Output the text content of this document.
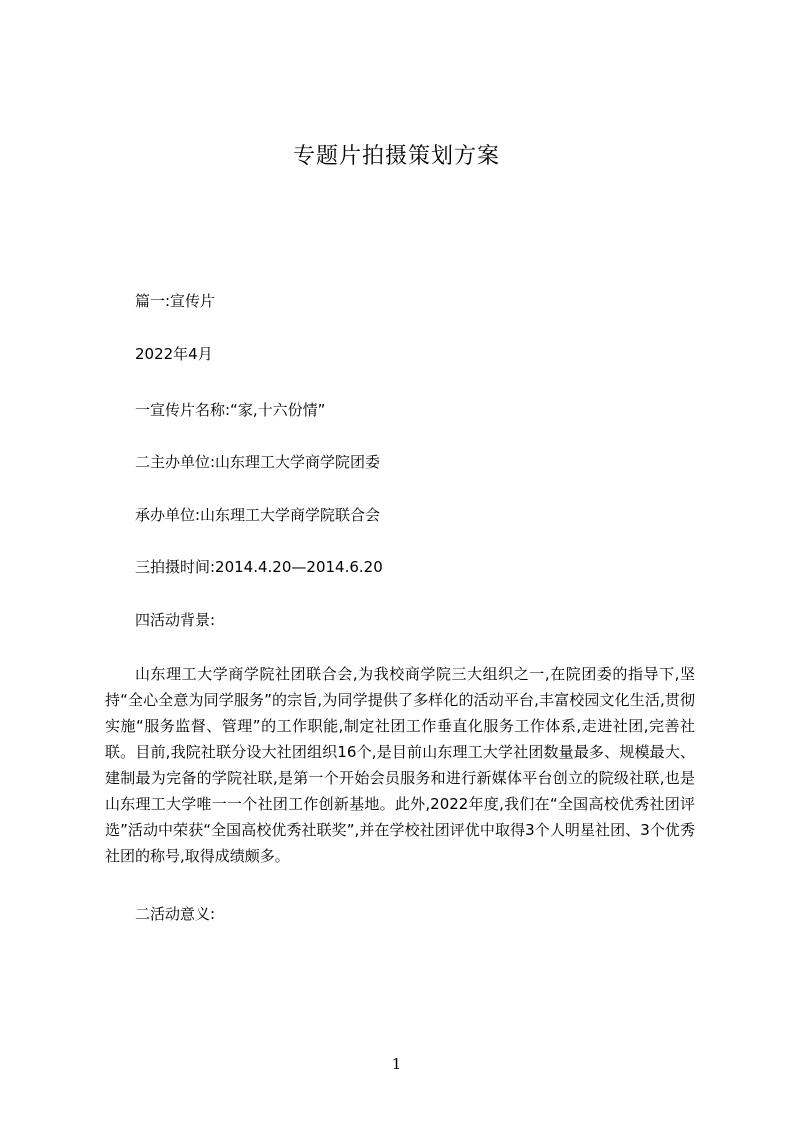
专题片拍摄策划方案
篇一:宣传片
2022年4月
一宣传片名称:“家,十六份情”
二主办单位:山东理工大学商学院团委
承办单位:山东理工大学商学院联合会
三拍摄时间:2014.4.20—2014.6.20
四活动背景:

山东理工大学商学院社团联合会,为我校商学院三大组织之一,在院团委的指导下,坚持“全心全意为同学服务”的宗旨,为同学提供了多样化的活动平台,丰富校园文化生活,贯彻实施“服务监督、管理”的工作职能,制定社团工作垂直化服务工作体系,走进社团,完善社联。目前,我院社联分设大社团组织16个,是目前山东理工大学社团数量最多、规模最大、建制最为完备的学院社联,是第一个开始会员服务和进行新媒体平台创立的院级社联,也是山东理工大学唯一一个社团工作创新基地。此外,2022年度,我们在“全国高校优秀社团评选”活动中荣获“全国高校优秀社联奖”,并在学校社团评优中取得3个人明星社团、3个优秀社团的称号,取得成绩颇多。

二活动意义:
1
